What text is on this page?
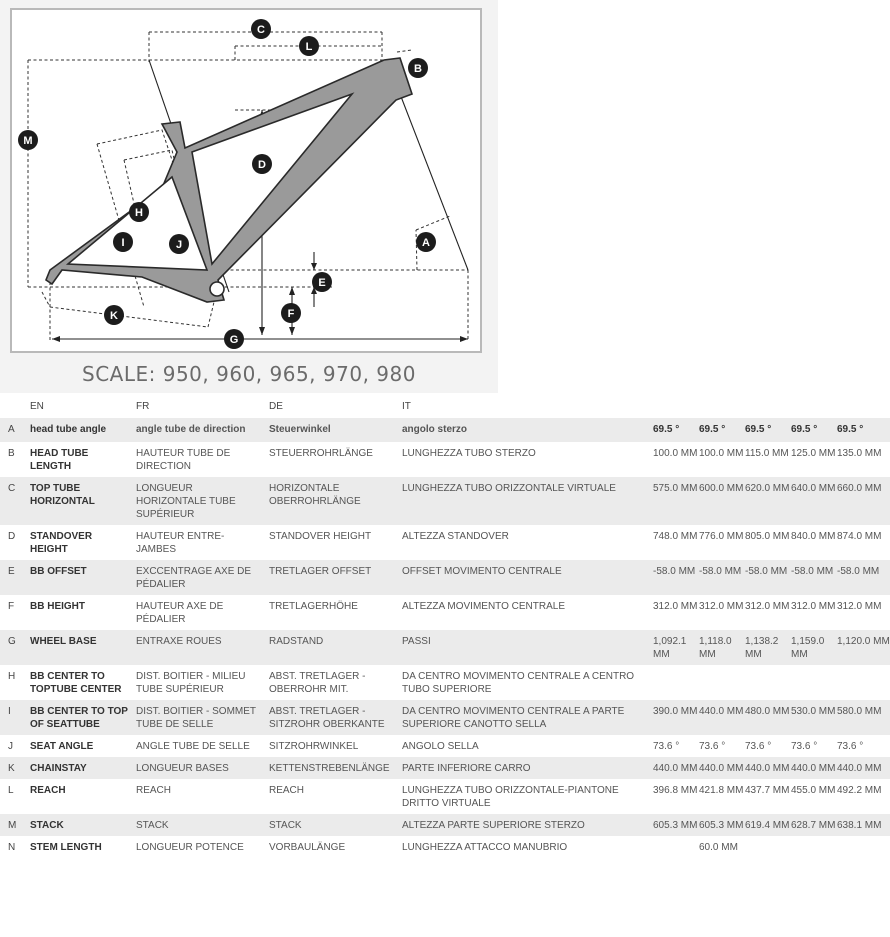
A
B
C
D
E
F
G
H
I	J
K
L
M
SCALE: 950, 960, 965, 970, 980
	EN	FR	DE	IT					
A	head tube angle	angle tube de direction	Steuerwinkel	angolo sterzo	69.5 °	69.5 °	69.5 °	69.5 °	69.5 °
B	HEAD TUBE LENGTH	HAUTEUR TUBE DE DIRECTION	STEUERROHRLÄNGE	LUNGHEZZA TUBO STERZO	100.0 MM	100.0 MM	115.0 MM	125.0 MM	135.0 MM
C	TOP TUBE HORIZONTAL	LONGUEUR HORIZONTALE TUBE SUPÉRIEUR	HORIZONTALE OBERROHRLÄNGE	LUNGHEZZA TUBO ORIZZONTALE VIRTUALE	575.0 MM	600.0 MM	620.0 MM	640.0 MM	660.0 MM
D	STANDOVER HEIGHT	HAUTEUR ENTRE-JAMBES	STANDOVER HEIGHT	ALTEZZA STANDOVER	748.0 MM	776.0 MM	805.0 MM	840.0 MM	874.0 MM
E	BB OFFSET	EXCCENTRAGE AXE DE PÉDALIER	TRETLAGER OFFSET	OFFSET MOVIMENTO CENTRALE	-58.0 MM	-58.0 MM	-58.0 MM	-58.0 MM	-58.0 MM
F	BB HEIGHT	HAUTEUR AXE DE PÉDALIER	TRETLAGERHÖHE	ALTEZZA MOVIMENTO CENTRALE	312.0 MM	312.0 MM	312.0 MM	312.0 MM	312.0 MM
G	WHEEL BASE	ENTRAXE ROUES	RADSTAND	PASSI	1,092.1 MM	1,118.0 MM	1,138.2 MM	1,159.0 MM	1,120.0 MM
H	BB CENTER TO TOPTUBE CENTER	DIST. BOITIER - MILIEU TUBE SUPÉRIEUR	ABST. TRETLAGER - OBERROHR MIT.	DA CENTRO MOVIMENTO CENTRALE A CENTRO TUBO SUPERIORE					
I	BB CENTER TO TOP OF SEATTUBE	DIST. BOITIER - SOMMET TUBE DE SELLE	ABST. TRETLAGER - SITZROHR OBERKANTE	DA CENTRO MOVIMENTO CENTRALE A PARTE SUPERIORE CANOTTO SELLA	390.0 MM	440.0 MM	480.0 MM	530.0 MM	580.0 MM
J	SEAT ANGLE	ANGLE TUBE DE SELLE	SITZROHRWINKEL	ANGOLO SELLA	73.6 °	73.6 °	73.6 °	73.6 °	73.6 °
K	CHAINSTAY	LONGUEUR BASES	KETTENSTREBENLÄNGE	PARTE INFERIORE CARRO	440.0 MM	440.0 MM	440.0 MM	440.0 MM	440.0 MM
L	REACH	REACH	REACH	LUNGHEZZA TUBO ORIZZONTALE-PIANTONE DRITTO VIRTUALE	396.8 MM	421.8 MM	437.7 MM	455.0 MM	492.2 MM
M	STACK	STACK	STACK	ALTEZZA PARTE SUPERIORE STERZO	605.3 MM	605.3 MM	619.4 MM	628.7 MM	638.1 MM
N	STEM LENGTH	LONGUEUR POTENCE	VORBAULÄNGE	LUNGHEZZA ATTACCO MANUBRIO		60.0 MM			
